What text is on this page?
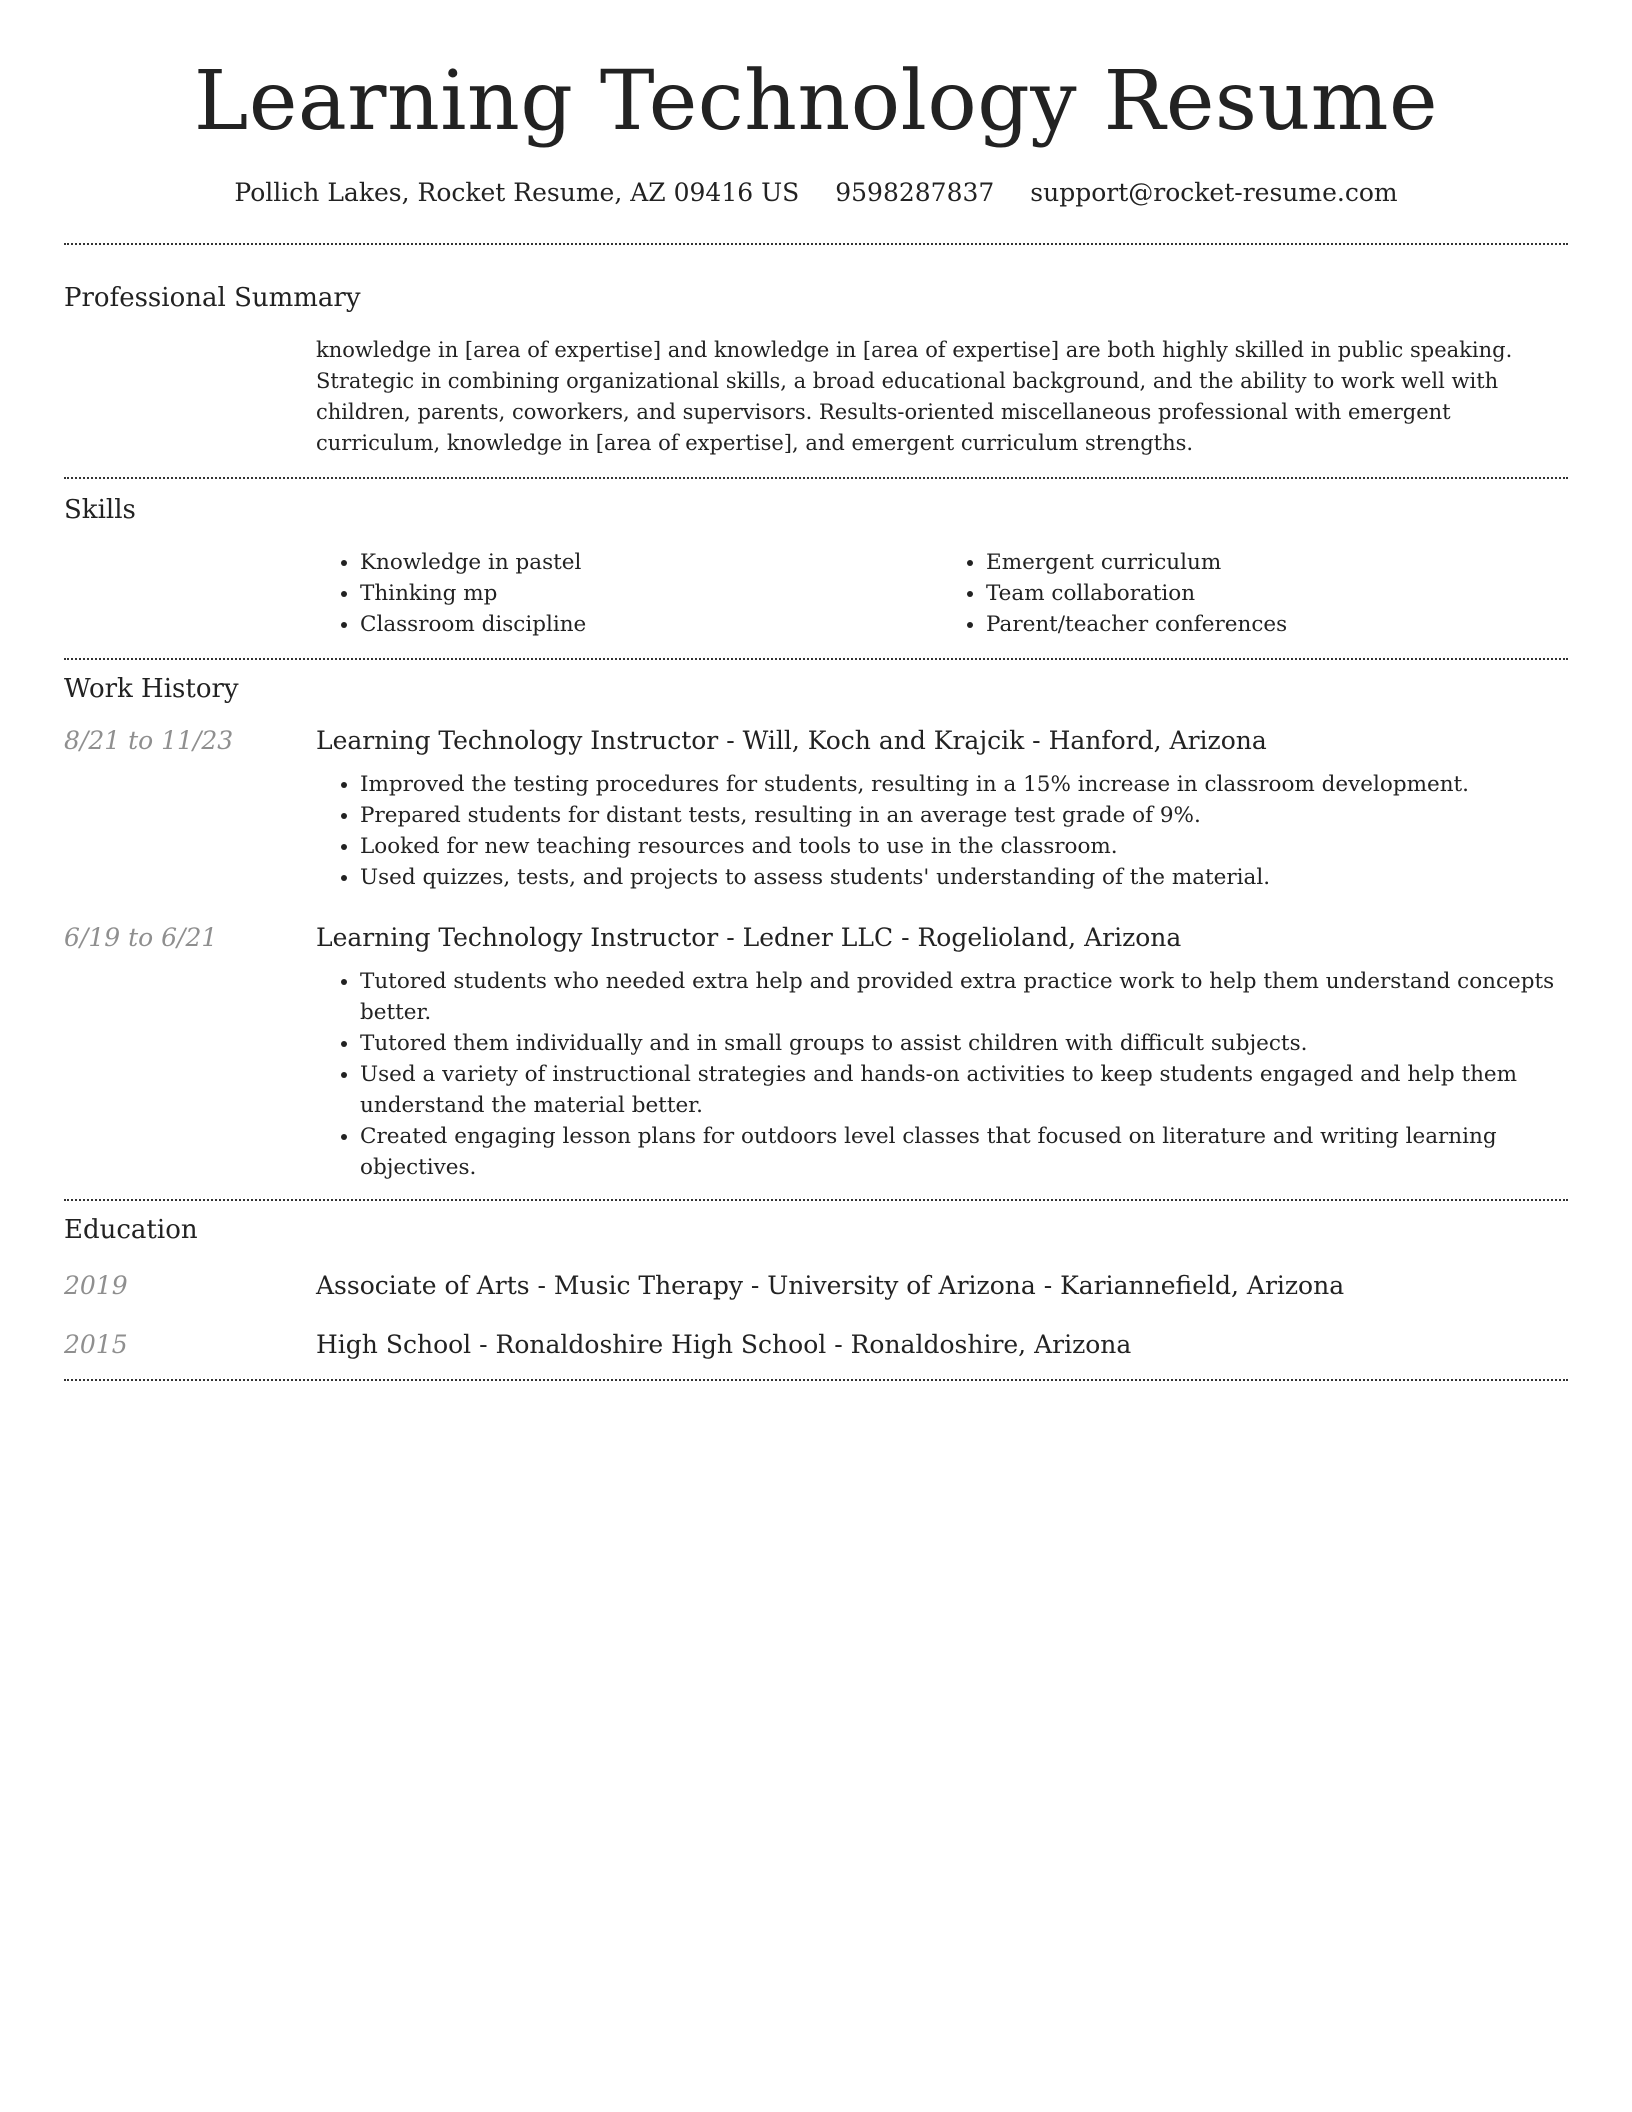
Learning Technology Resume
Pollich Lakes, Rocket Resume, AZ 09416 US 9598287837 support@rocket-resume.com
Professional Summary

knowledge in [area of expertise] and knowledge in [area of expertise] are both highly skilled in public speaking. Strategic in combining organizational skills, a broad educational background, and the ability to work well with children, parents, coworkers, and supervisors. Results-oriented miscellaneous professional with emergent curriculum, knowledge in [area of expertise], and emergent curriculum strengths.

Skills
• Knowledge in pastel
• Thinking mp
• Classroom discipline
• Emergent curriculum
• Team collaboration
• Parent/teacher conferences
Work History
8/21 to 11/23	Learning Technology Instructor - Will, Koch and Krajcik - Hanford, Arizona
• Improved the testing procedures for students, resulting in a 15% increase in classroom development.
• Prepared students for distant tests, resulting in an average test grade of 9%.
• Looked for new teaching resources and tools to use in the classroom.
• Used quizzes, tests, and projects to assess students' understanding of the material.
6/19 to 6/21	Learning Technology Instructor - Ledner LLC - Rogelioland, Arizona
• Tutored students who needed extra help and provided extra practice work to help them understand concepts better.
• Tutored them individually and in small groups to assist children with difficult subjects.
• Used a variety of instructional strategies and hands-on activities to keep students engaged and help them understand the material better.
• Created engaging lesson plans for outdoors level classes that focused on literature and writing learning objectives.
Education
2019	Associate of Arts - Music Therapy - University of Arizona - Kariannefield, Arizona
2015	High School - Ronaldoshire High School - Ronaldoshire, Arizona
